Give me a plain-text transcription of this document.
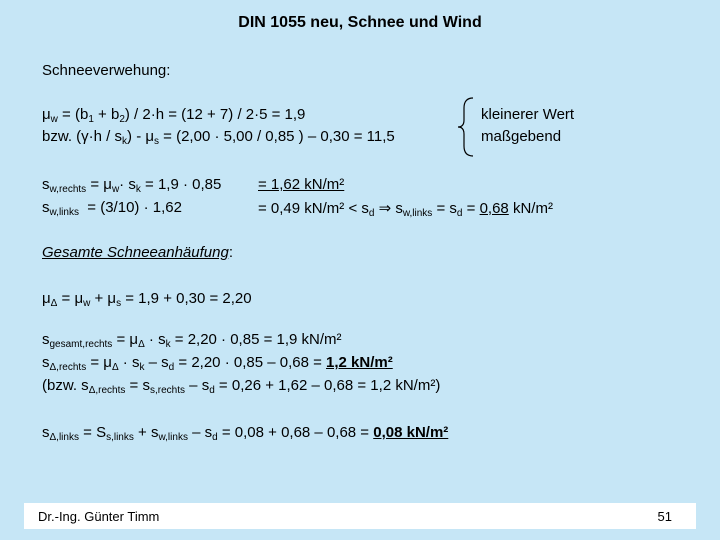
DIN 1055 neu, Schnee und Wind
Schneeverwehung:
$\mu_w = (b_1 + b_2) / 2\cdot h = (12 + 7) / 2\cdot 5 = 1,9$
bzw. $(\gamma\cdot h / s_k) - \mu_s = (2,00 \cdot 5,00 / 0,85$ ) – 0,30 = 11,5
kleinerer Wert
maßgebend
$s_{w,rechts} = \mu_w\cdot s_k = 1,9 \cdot 0,85 = 1,62$ kN/m²
$s_{w,links} = (3/10) \cdot 1,62$	= 0,49 $kN/m^2 < s_d$ ⇒ $s_{w,links} = s_d = 0,68$ kN/m²
Gesamte Schneeanhäufung:
$\mu_\Delta = \mu_w + \mu_s = 1,9 + 0,30 = 2,20$
$s_{gesamt,rechts} = \mu_\Delta \cdot s_k = 2,20 \cdot 0,85 = 1,9$ kN/m²
$s_{\Delta,rechts} = \mu_\Delta \cdot s_k - s_d = 2,20 \cdot 0,85 - 0,68 = 1,2$ kN/m²
(bzw. $s_{\Delta,rechts} = s_{s,rechts} - s_d = 0,26 + 1,62 - 0,68 = 1,2$ kN/m²)
$s_{\Delta,links} = S_{s,links} + s_{w,links} - s_d = 0,08 + 0,68 - 0,68 = 0,08$ kN/m²
Dr.-Ing. Günter Timm	51
